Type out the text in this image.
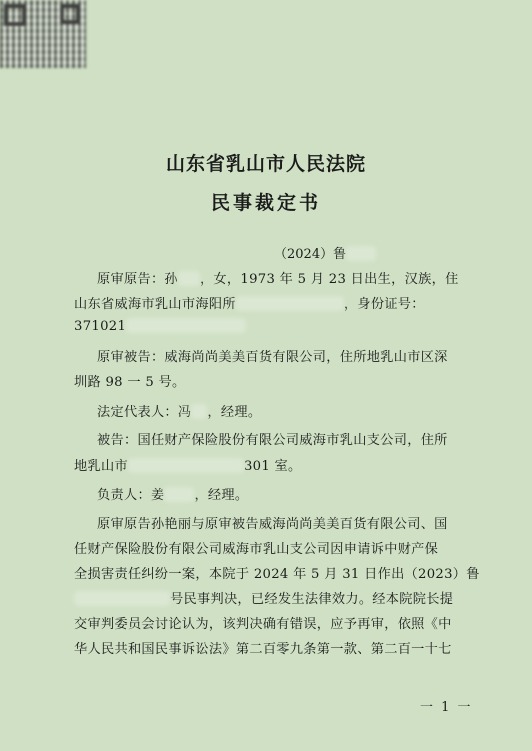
山东省乳山市人民法院
民事裁定书
（2024）鲁
原审原告：孙 ，女，1973 年 5 月 23 日出生，汉族，住
山东省威海市乳山市海阳所	，身份证号：
371021
原审被告：威海尚尚美美百货有限公司，住所地乳山市区深
圳路 98 一 5 号。
法定代表人：冯 ，经理。
被告：国任财产保险股份有限公司威海市乳山支公司，住所
地乳山市	301 室。
负责人：姜 ，经理。
原审原告孙艳丽与原审被告威海尚尚美美百货有限公司、国
任财产保险股份有限公司威海市乳山支公司因申请诉中财产保
全损害责任纠纷一案，本院于 2024 年 5 月 31 日作出（2023）鲁
号民事判决，已经发生法律效力。经本院院长提
交审判委员会讨论认为，该判决确有错误，应予再审，依照《中
华人民共和国民事诉讼法》第二百零九条第一款、第二百一十七
一 1 一
